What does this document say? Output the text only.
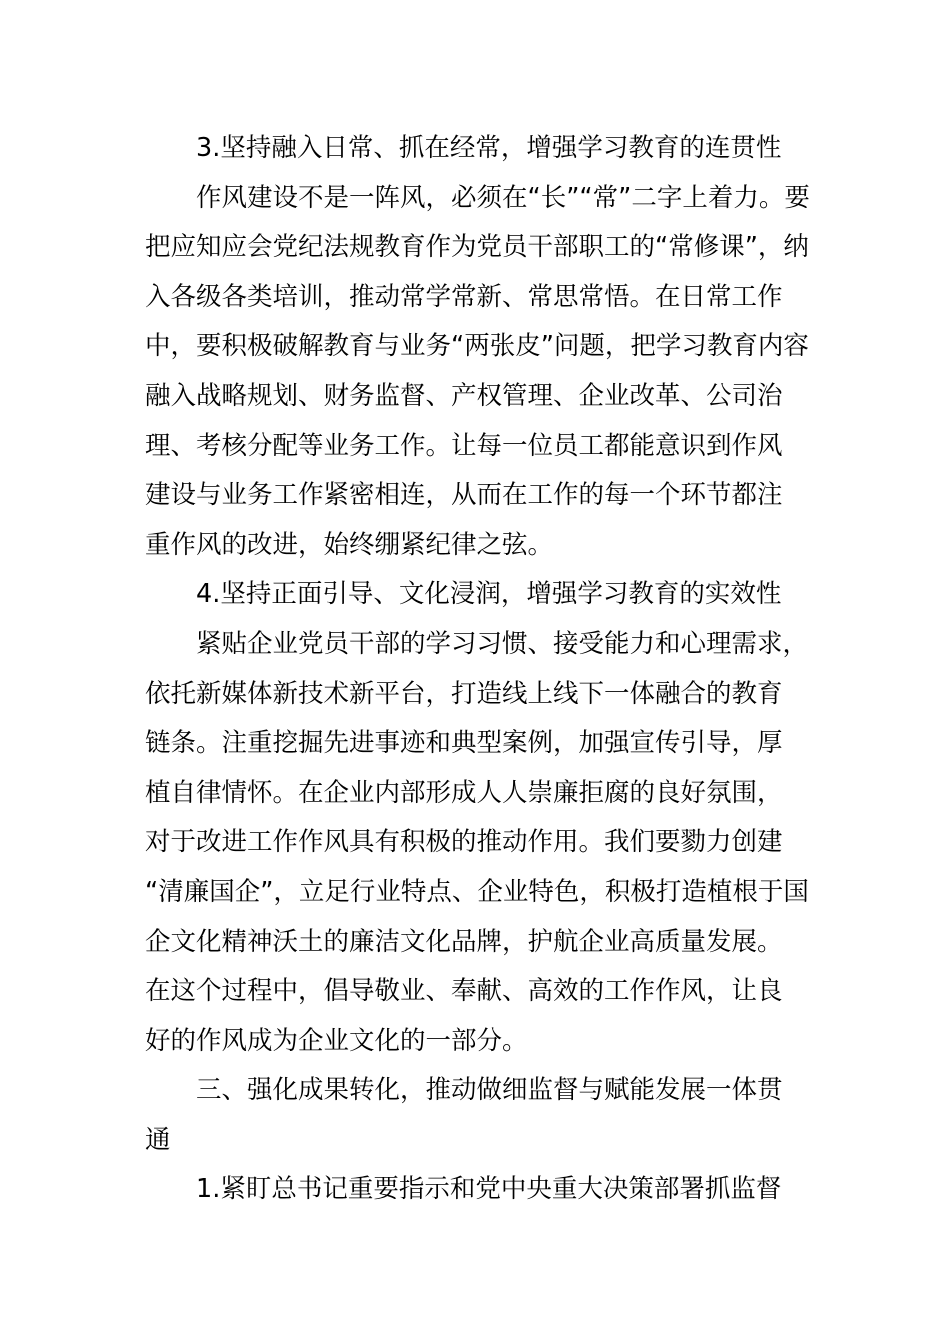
3.坚持融入日常、抓在经常，增强学习教育的连贯性

作风建设不是一阵风，必须在“长”“常”二字上着力。要

把应知应会党纪法规教育作为党员干部职工的“常修课”，纳

入各级各类培训，推动常学常新、常思常悟。在日常工作

中，要积极破解教育与业务“两张皮”问题，把学习教育内容

融入战略规划、财务监督、产权管理、企业改革、公司治

理、考核分配等业务工作。让每一位员工都能意识到作风

建设与业务工作紧密相连，从而在工作的每一个环节都注

重作风的改进，始终绷紧纪律之弦。

4.坚持正面引导、文化浸润，增强学习教育的实效性

紧贴企业党员干部的学习习惯、接受能力和心理需求，

依托新媒体新技术新平台，打造线上线下一体融合的教育

链条。注重挖掘先进事迹和典型案例，加强宣传引导，厚

植自律情怀。在企业内部形成人人崇廉拒腐的良好氛围，

对于改进工作作风具有积极的推动作用。我们要勠力创建

“清廉国企”，立足行业特点、企业特色，积极打造植根于国

企文化精神沃土的廉洁文化品牌，护航企业高质量发展。

在这个过程中，倡导敬业、奉献、高效的工作作风，让良

好的作风成为企业文化的一部分。

三、强化成果转化，推动做细监督与赋能发展一体贯

通

1.紧盯总书记重要指示和党中央重大决策部署抓监督
